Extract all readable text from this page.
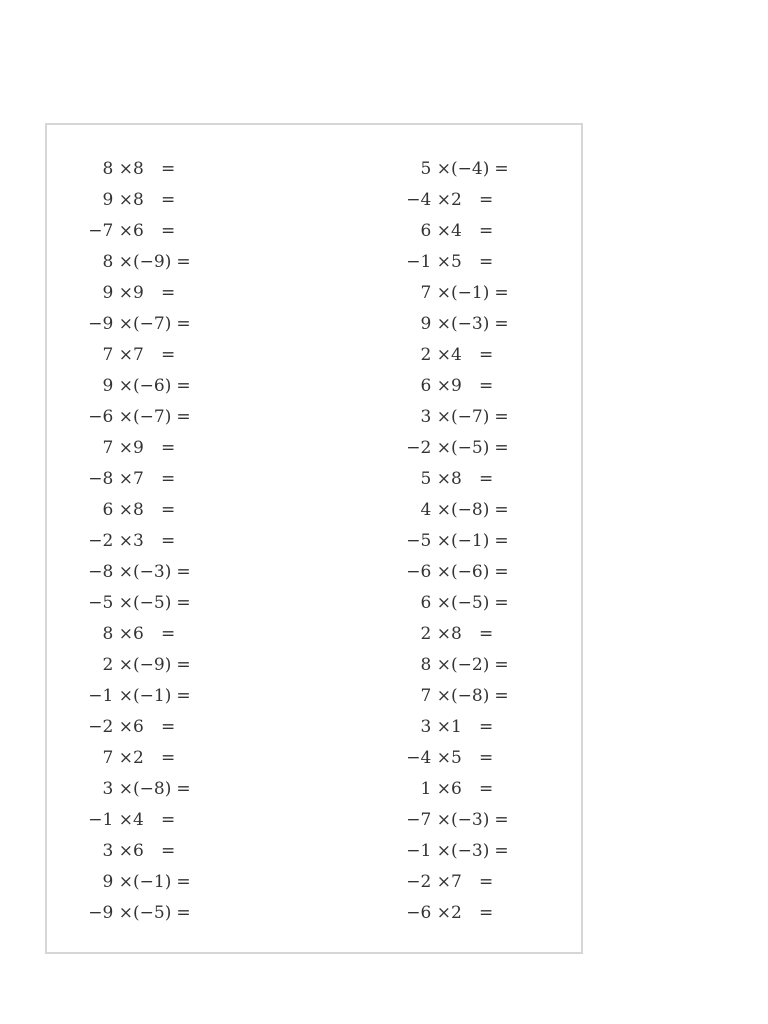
8 × 8 =
9 × 8 =
−7 × 6 =
8 × (−9) =
9 × 9 =
−9 × (−7) =
7 × 7 =
9 × (−6) =
−6 × (−7) =
7 × 9 =
−8 × 7 =
6 × 8 =
−2 × 3 =
−8 × (−3) =
−5 × (−5) =
8 × 6 =
2 × (−9) =
−1 × (−1) =
−2 × 6 =
7 × 2 =
3 × (−8) =
−1 × 4 =
3 × 6 =
9 × (−1) =
−9 × (−5) =
5 × (−4) =
−4 × 2 =
6 × 4 =
−1 × 5 =
7 × (−1) =
9 × (−3) =
2 × 4 =
6 × 9 =
3 × (−7) =
−2 × (−5) =
5 × 8 =
4 × (−8) =
−5 × (−1) =
−6 × (−6) =
6 × (−5) =
2 × 8 =
8 × (−2) =
7 × (−8) =
3 × 1 =
−4 × 5 =
1 × 6 =
−7 × (−3) =
−1 × (−3) =
−2 × 7 =
−6 × 2 =
